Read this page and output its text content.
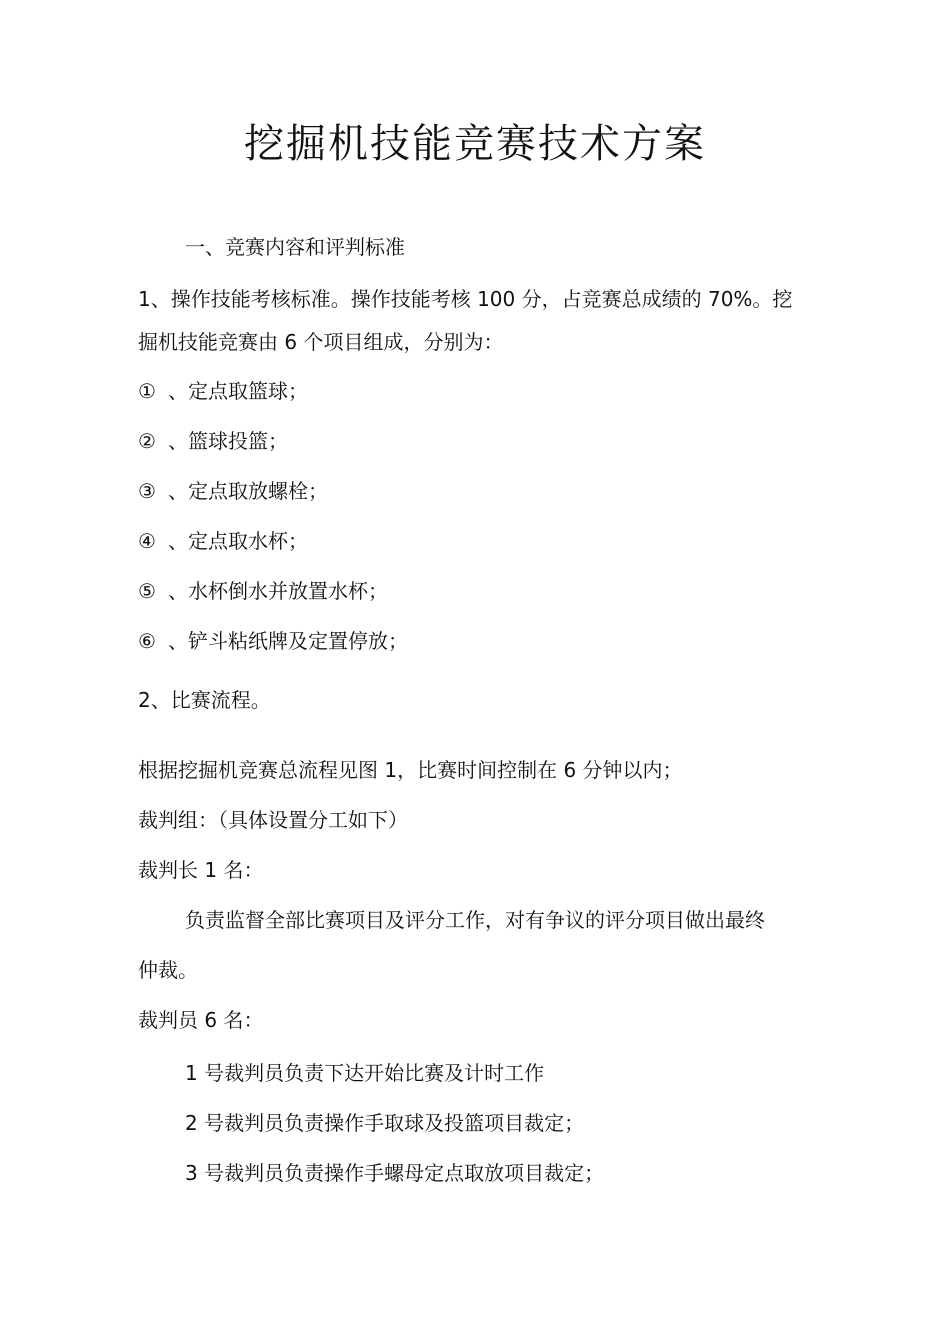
挖掘机技能竞赛技术方案
一、竞赛内容和评判标准
1、操作技能考核标准。操作技能考核 100 分，占竞赛总成绩的 70%。挖
掘机技能竞赛由 6 个项目组成，分别为：
① 、定点取篮球；
② 、篮球投篮；
③ 、定点取放螺栓；
④ 、定点取水杯；
⑤ 、水杯倒水并放置水杯；
⑥ 、铲斗粘纸牌及定置停放；
2、比赛流程。
根据挖掘机竞赛总流程见图 1，比赛时间控制在 6 分钟以内；
裁判组：（具体设置分工如下）
裁判长 1 名：
负责监督全部比赛项目及评分工作，对有争议的评分项目做出最终
仲裁。
裁判员 6 名：
1 号裁判员负责下达开始比赛及计时工作
2 号裁判员负责操作手取球及投篮项目裁定；
3 号裁判员负责操作手螺母定点取放项目裁定；
